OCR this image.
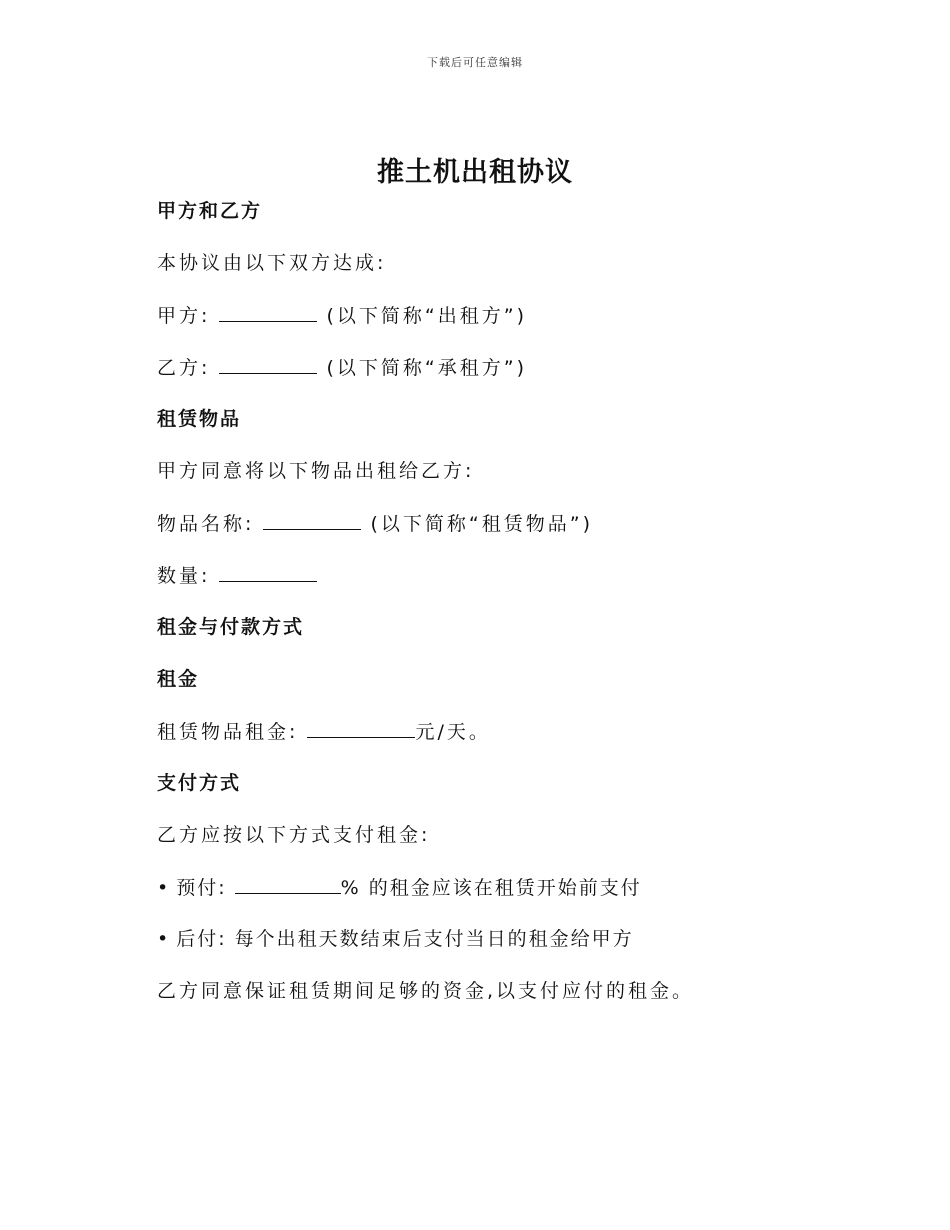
下载后可任意编辑
推土机出租协议
甲方和乙方
本协议由以下双方达成:
甲方:	(以下简称“出租方”)
乙方:	(以下简称“承租方”)
租赁物品
甲方同意将以下物品出租给乙方:
物品名称:	(以下简称“租赁物品”)
数量:
租金与付款方式
租金
租赁物品租金:	元/天。
支付方式
乙方应按以下方式支付租金:
• 预付:	% 的租金应该在租赁开始前支付
• 后付: 每个出租天数结束后支付当日的租金给甲方
乙方同意保证租赁期间足够的资金,以支付应付的租金。
